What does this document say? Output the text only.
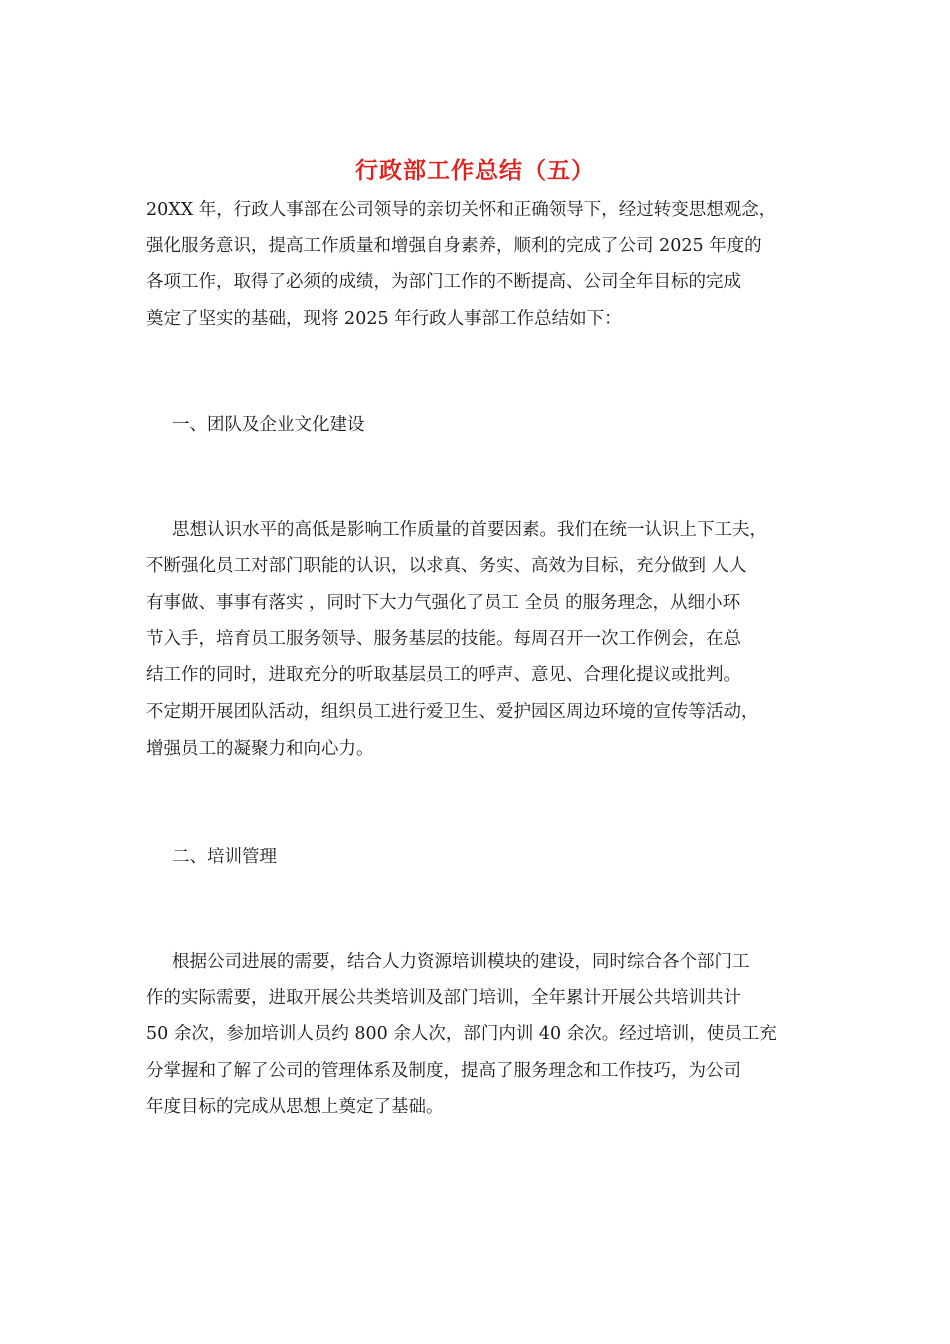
行政部工作总结（五）
20XX 年，行政人事部在公司领导的亲切关怀和正确领导下，经过转变思想观念，
强化服务意识，提高工作质量和增强自身素养，顺利的完成了公司 2025 年度的
各项工作，取得了必须的成绩，为部门工作的不断提高、公司全年目标的完成
奠定了坚实的基础，现将 2025 年行政人事部工作总结如下：
一、团队及企业文化建设
思想认识水平的高低是影响工作质量的首要因素。我们在统一认识上下工夫，
不断强化员工对部门职能的认识，以求真、务实、高效为目标，充分做到 人人
有事做、事事有落实 ，同时下大力气强化了员工 全员 的服务理念，从细小环
节入手，培育员工服务领导、服务基层的技能。每周召开一次工作例会，在总
结工作的同时，进取充分的听取基层员工的呼声、意见、合理化提议或批判。
不定期开展团队活动，组织员工进行爱卫生、爱护园区周边环境的宣传等活动，
增强员工的凝聚力和向心力。
二、培训管理
根据公司进展的需要，结合人力资源培训模块的建设，同时综合各个部门工
作的实际需要，进取开展公共类培训及部门培训，全年累计开展公共培训共计
50 余次，参加培训人员约 800 余人次，部门内训 40 余次。经过培训，使员工充
分掌握和了解了公司的管理体系及制度，提高了服务理念和工作技巧，为公司
年度目标的完成从思想上奠定了基础。
